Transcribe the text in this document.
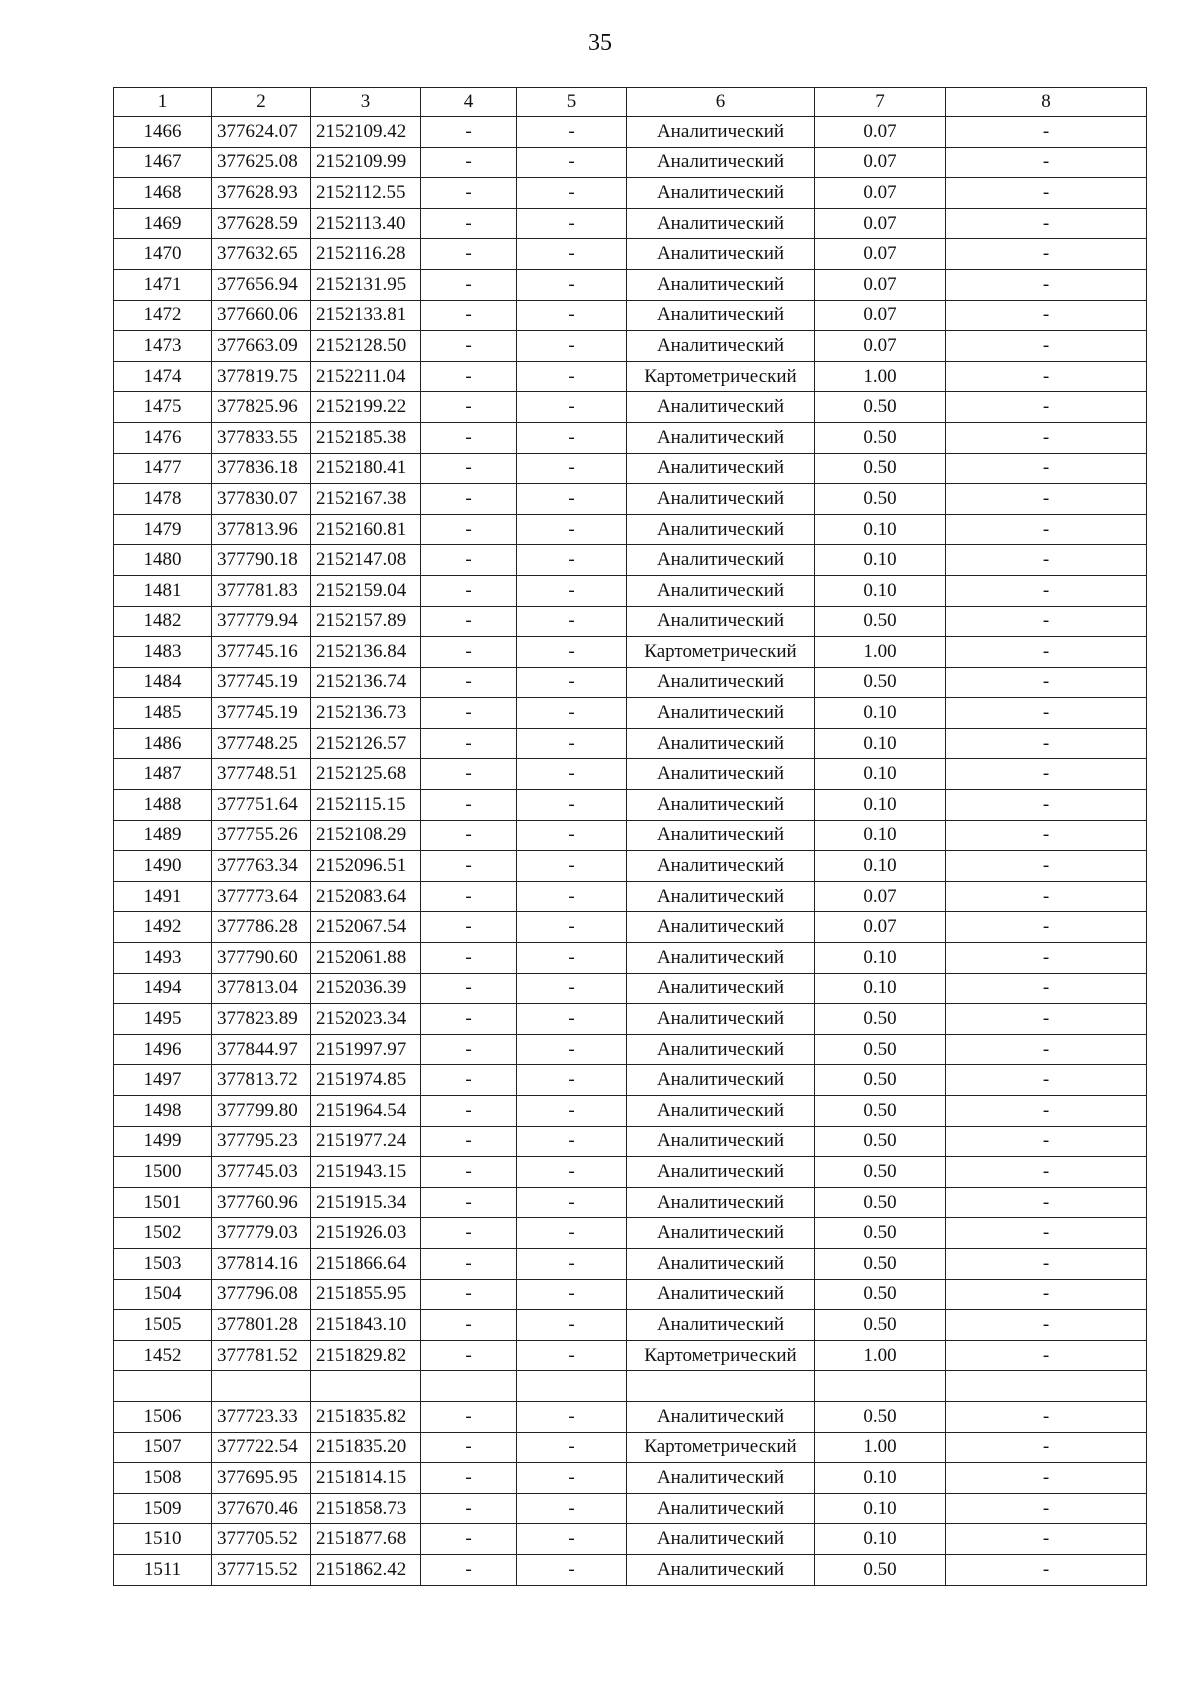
35
1	2	3	4	5	6	7	8
1466	377624.07	2152109.42	-	-	Аналитический	0.07	-
1467	377625.08	2152109.99	-	-	Аналитический	0.07	-
1468	377628.93	2152112.55	-	-	Аналитический	0.07	-
1469	377628.59	2152113.40	-	-	Аналитический	0.07	-
1470	377632.65	2152116.28	-	-	Аналитический	0.07	-
1471	377656.94	2152131.95	-	-	Аналитический	0.07	-
1472	377660.06	2152133.81	-	-	Аналитический	0.07	-
1473	377663.09	2152128.50	-	-	Аналитический	0.07	-
1474	377819.75	2152211.04	-	-	Картометрический	1.00	-
1475	377825.96	2152199.22	-	-	Аналитический	0.50	-
1476	377833.55	2152185.38	-	-	Аналитический	0.50	-
1477	377836.18	2152180.41	-	-	Аналитический	0.50	-
1478	377830.07	2152167.38	-	-	Аналитический	0.50	-
1479	377813.96	2152160.81	-	-	Аналитический	0.10	-
1480	377790.18	2152147.08	-	-	Аналитический	0.10	-
1481	377781.83	2152159.04	-	-	Аналитический	0.10	-
1482	377779.94	2152157.89	-	-	Аналитический	0.50	-
1483	377745.16	2152136.84	-	-	Картометрический	1.00	-
1484	377745.19	2152136.74	-	-	Аналитический	0.50	-
1485	377745.19	2152136.73	-	-	Аналитический	0.10	-
1486	377748.25	2152126.57	-	-	Аналитический	0.10	-
1487	377748.51	2152125.68	-	-	Аналитический	0.10	-
1488	377751.64	2152115.15	-	-	Аналитический	0.10	-
1489	377755.26	2152108.29	-	-	Аналитический	0.10	-
1490	377763.34	2152096.51	-	-	Аналитический	0.10	-
1491	377773.64	2152083.64	-	-	Аналитический	0.07	-
1492	377786.28	2152067.54	-	-	Аналитический	0.07	-
1493	377790.60	2152061.88	-	-	Аналитический	0.10	-
1494	377813.04	2152036.39	-	-	Аналитический	0.10	-
1495	377823.89	2152023.34	-	-	Аналитический	0.50	-
1496	377844.97	2151997.97	-	-	Аналитический	0.50	-
1497	377813.72	2151974.85	-	-	Аналитический	0.50	-
1498	377799.80	2151964.54	-	-	Аналитический	0.50	-
1499	377795.23	2151977.24	-	-	Аналитический	0.50	-
1500	377745.03	2151943.15	-	-	Аналитический	0.50	-
1501	377760.96	2151915.34	-	-	Аналитический	0.50	-
1502	377779.03	2151926.03	-	-	Аналитический	0.50	-
1503	377814.16	2151866.64	-	-	Аналитический	0.50	-
1504	377796.08	2151855.95	-	-	Аналитический	0.50	-
1505	377801.28	2151843.10	-	-	Аналитический	0.50	-
1452	377781.52	2151829.82	-	-	Картометрический	1.00	-

1506	377723.33	2151835.82	-	-	Аналитический	0.50	-
1507	377722.54	2151835.20	-	-	Картометрический	1.00	-
1508	377695.95	2151814.15	-	-	Аналитический	0.10	-
1509	377670.46	2151858.73	-	-	Аналитический	0.10	-
1510	377705.52	2151877.68	-	-	Аналитический	0.10	-
1511	377715.52	2151862.42	-	-	Аналитический	0.50	-
